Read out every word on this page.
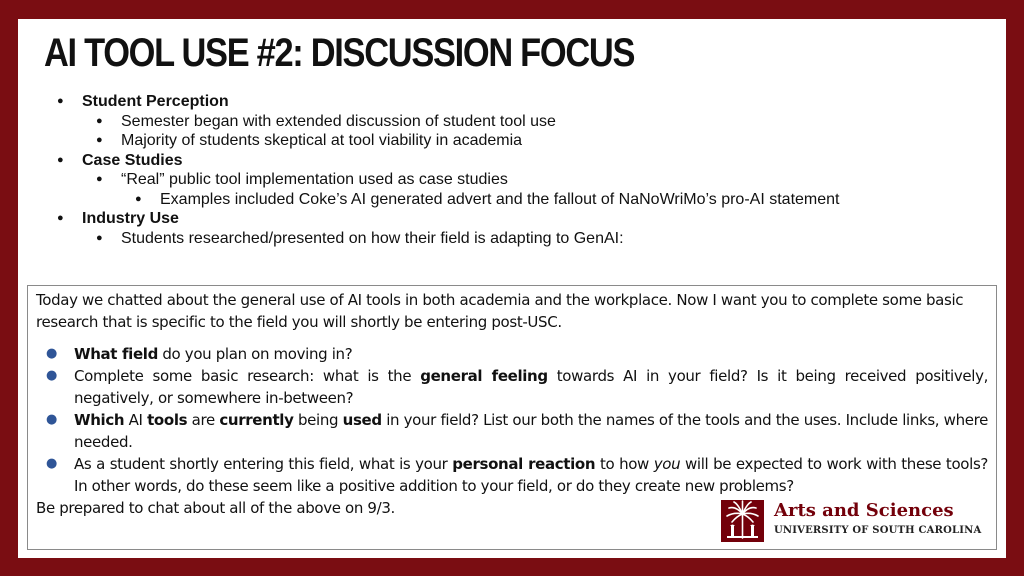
AI TOOL USE #2: DISCUSSION FOCUS
● Student Perception
● Semester began with extended discussion of student tool use
● Majority of students skeptical at tool viability in academia
● Case Studies
● “Real” public tool implementation used as case studies
● Examples included Coke’s AI generated advert and the fallout of NaNoWriMo’s pro-AI statement
● Industry Use
● Students researched/presented on how their field is adapting to GenAI:

Today we chatted about the general use of AI tools in both academia and the workplace. Now I want you to complete some basic research that is specific to the field you will shortly be entering post-USC.

● What field do you plan on moving in?
● Complete some basic research: what is the general feeling towards AI in your field? Is it being received positively, negatively, or somewhere in-between?
● Which AI tools are currently being used in your field? List our both the names of the tools and the uses. Include links, where needed.
● As a student shortly entering this field, what is your personal reaction to how you will be expected to work with these tools? In other words, do these seem like a positive addition to your field, or do they create new problems?

Be prepared to chat about all of the above on 9/3.	Arts and Sciences
UNIVERSITY OF SOUTH CAROLINA
